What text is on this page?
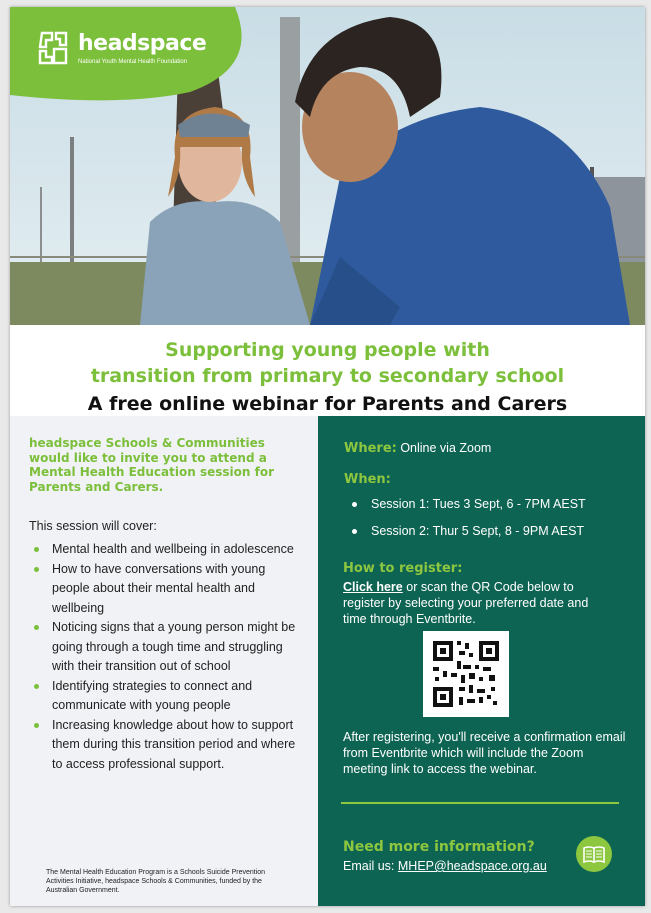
headspace
National Youth Mental Health Foundation
Supporting young people with
transition from primary to secondary school
A free online webinar for Parents and Carers
headspace Schools & Communities would like to invite you to attend a Mental Health Education session for Parents and Carers.
This session will cover:
Mental health and wellbeing in adolescence
How to have conversations with young people about their mental health and wellbeing
Noticing signs that a young person might be going through a tough time and struggling with their transition out of school
Identifying strategies to connect and communicate with young people
Increasing knowledge about how to support them during this transition period and where to access professional support.
The Mental Health Education Program is a Schools Suicide Prevention Activities Initiative, headspace Schools & Communities, funded by the Australian Government.
Where: Online via Zoom
When:
Session 1: Tues 3 Sept, 6 - 7PM AEST
Session 2: Thur 5 Sept, 8 - 9PM AEST
How to register:
Click here or scan the QR Code below to register by selecting your preferred date and time through Eventbrite.
After registering, you'll receive a confirmation email from Eventbrite which will include the Zoom meeting link to access the webinar.
Need more information?
Email us: MHEP@headspace.org.au
